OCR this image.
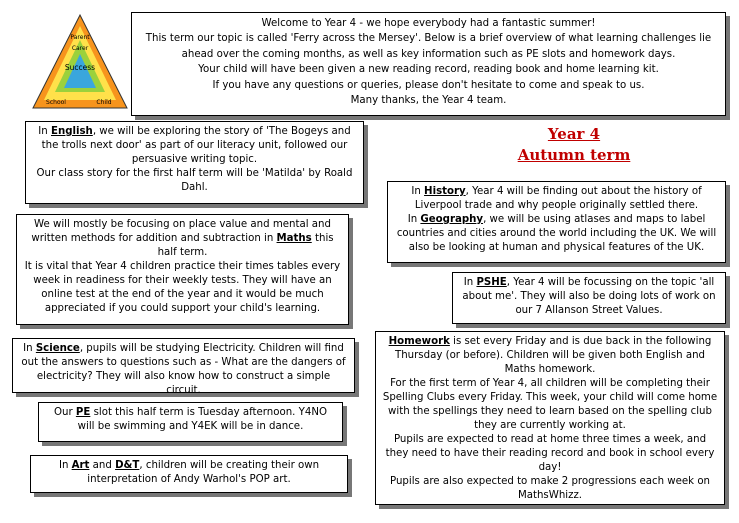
Parent
Carer
Success
School	Child

Welcome to Year 4 - we hope everybody had a fantastic summer!

This term our topic is called 'Ferry across the Mersey'. Below is a brief overview of what learning challenges lie

ahead over the coming months, as well as key information such as PE slots and homework days.

Your child will have been given a new reading record, reading book and home learning kit.

If you have any questions or queries, please don't hesitate to come and speak to us.

Many thanks, the Year 4 team.

Year 4
Autumn term

In English, we will be exploring the story of 'The Bogeys and the trolls next door' as part of our literacy unit, followed our persuasive writing topic.

Our class story for the first half term will be 'Matilda' by Roald Dahl.

We will mostly be focusing on place value and mental and written methods for addition and subtraction in Maths this half term.

It is vital that Year 4 children practice their times tables every week in readiness for their weekly tests. They will have an online test at the end of the year and it would be much appreciated if you could support your child's learning.

In Science, pupils will be studying Electricity. Children will find out the answers to questions such as - What are the dangers of electricity? They will also know how to construct a simple circuit.

Our PE slot this half term is Tuesday afternoon. Y4NO will be swimming and Y4EK will be in dance.

In Art and D&T, children will be creating their own interpretation of Andy Warhol's POP art.

In History, Year 4 will be finding out about the history of Liverpool trade and why people originally settled there.

In Geography, we will be using atlases and maps to label countries and cities around the world including the UK. We will also be looking at human and physical features of the UK.

In PSHE, Year 4 will be focussing on the topic 'all about me'. They will also be doing lots of work on our 7 Allanson Street Values.

Homework is set every Friday and is due back in the following Thursday (or before). Children will be given both English and Maths homework.

For the first term of Year 4, all children will be completing their Spelling Clubs every Friday. This week, your child will come home with the spellings they need to learn based on the spelling club they are currently working at.

Pupils are expected to read at home three times a week, and they need to have their reading record and book in school every day!

Pupils are also expected to make 2 progressions each week on MathsWhizz.
